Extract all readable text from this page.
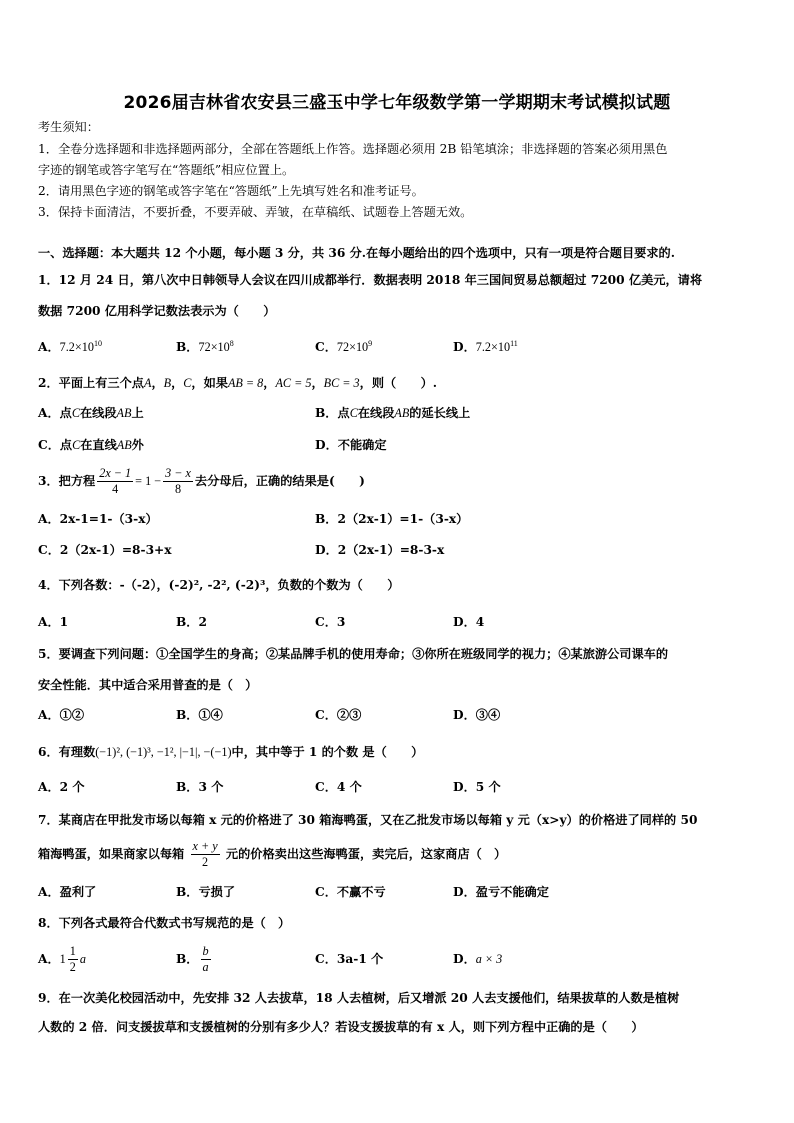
2026届吉林省农安县三盛玉中学七年级数学第一学期期末考试模拟试题
考生须知：
1．全卷分选择题和非选择题两部分，全部在答题纸上作答。选择题必须用 2B 铅笔填涂；非选择题的答案必须用黑色
字迹的钢笔或答字笔写在“答题纸”相应位置上。
2．请用黑色字迹的钢笔或答字笔在“答题纸”上先填写姓名和准考证号。
3．保持卡面清洁，不要折叠，不要弄破、弄皱，在草稿纸、试题卷上答题无效。
一、选择题：本大题共 12 个小题，每小题 3 分，共 36 分.在每小题给出的四个选项中，只有一项是符合题目要求的.
1．12 月 24 日，第八次中日韩领导人会议在四川成都举行．数据表明 2018 年三国间贸易总额超过 7200 亿美元，请将
数据 7200 亿用科学记数法表示为（　　）
A．$7.2\times 10^{10}$	B．$72\times 10^8$	C．$72\times 10^9$	D．$7.2\times 10^{11}$
2．平面上有三个点A，B，C，如果AB = 8，AC = 5，BC = 3，则（　　）.
A．点C在线段AB上	B．点C在线段AB的延长线上
C．点C在直线AB外	D．不能确定
3．把方程 $\frac{2x - 1}{4} = 1 - \frac{3 - x}{8}$ 去分母后，正确的结果是(　　)
A．2x-1=1-（3-x）	B．2（2x-1）=1-（3-x）
C．2（2x-1）=8-3+x	D．2（2x-1）=8-3-x
4．下列各数：-（-2），(-2)², -2², (-2)³，负数的个数为（　　）
A．1	B．2	C．3	D．4
5．要调查下列问题：①全国学生的身高；②某品牌手机的使用寿命；③你所在班级同学的视力；④某旅游公司课车的
安全性能．其中适合采用普查的是（　）
A．①②	B．①④	C．②③	D．③④
6．有理数(−1)², (−1)³, −1², |−1|, −(−1)中，其中等于 1 的个数 是（　　）
A．2 个	B．3 个	C．4 个	D．5 个
7．某商店在甲批发市场以每箱 x 元的价格进了 30 箱海鸭蛋，又在乙批发市场以每箱 y 元（x>y）的价格进了同样的 50
箱海鸭蛋，如果商家以每箱 $\frac{x + y}{2}$ 元的价格卖出这些海鸭蛋，卖完后，这家商店（　）
A．盈利了	B．亏损了	C．不赢不亏	D．盈亏不能确定
8．下列各式最符合代数式书写规范的是（　）
A．$1 \frac{1}{2}$ a	B． $\frac{b}{a}$	C．3a-1 个	D．a × 3
9．在一次美化校园活动中，先安排 32 人去拔草，18 人去植树，后又增派 20 人去支援他们，结果拔草的人数是植树
人数的 2 倍．问支援拔草和支援植树的分别有多少人？若设支援拔草的有 x 人，则下列方程中正确的是（　　）
